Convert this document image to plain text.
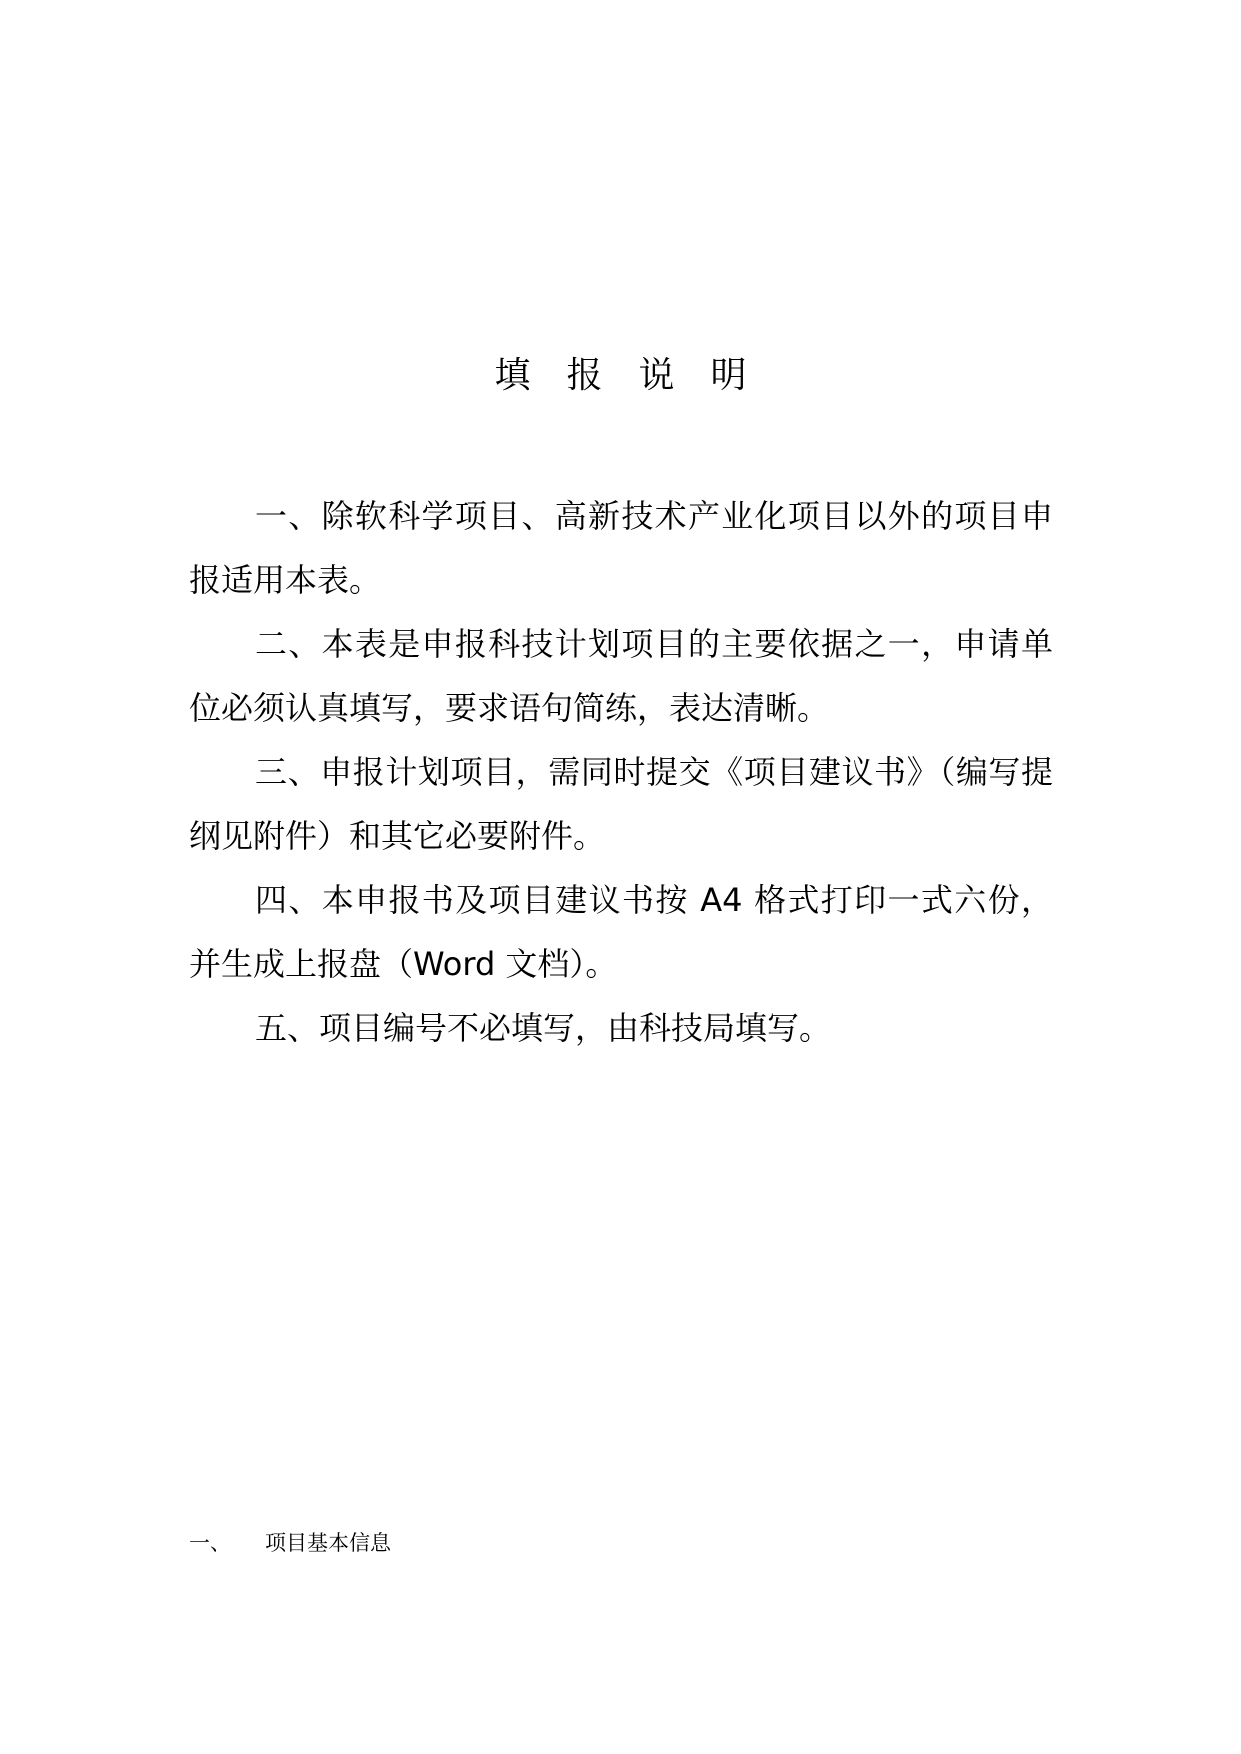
填报说明

一、除软科学项目、高新技术产业化项目以外的项目申报适用本表。

二、本表是申报科技计划项目的主要依据之一，申请单位必须认真填写，要求语句简练，表达清晰。

三、申报计划项目，需同时提交《项目建议书》（编写提纲见附件）和其它必要附件。

四、本申报书及项目建议书按 A4 格式打印一式六份，并生成上报盘（Word 文档）。

五、项目编号不必填写，由科技局填写。

一、 项目基本信息
